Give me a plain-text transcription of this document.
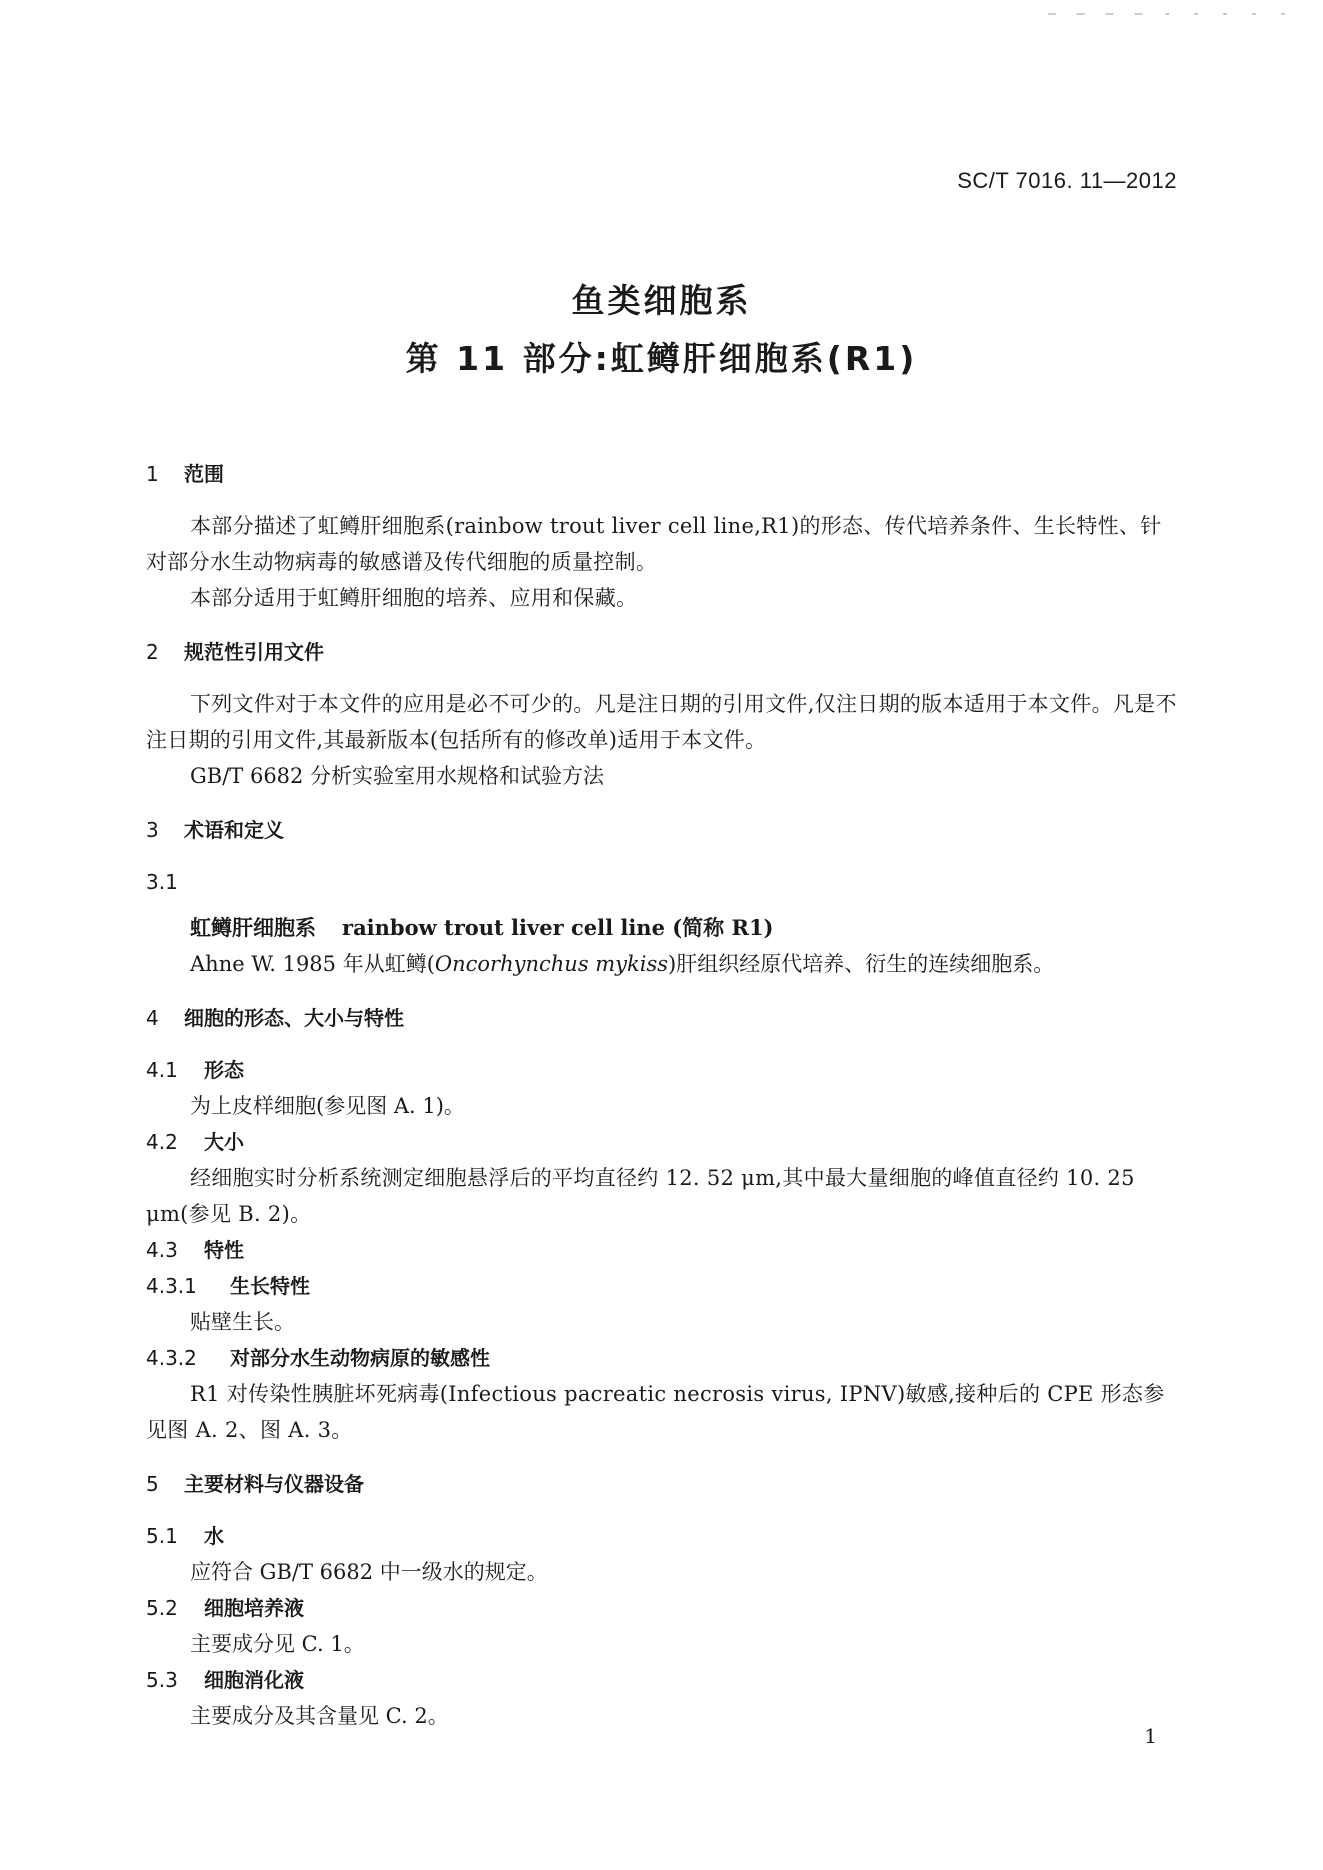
— — — — - - - - -
SC/T 7016. 11—2012
鱼类细胞系
第 11 部分:虹鳟肝细胞系(R1)
1 范围

本部分描述了虹鳟肝细胞系(rainbow trout liver cell line,R1)的形态、传代培养条件、生长特性、针对部分水生动物病毒的敏感谱及传代细胞的质量控制。

本部分适用于虹鳟肝细胞的培养、应用和保藏。

2 规范性引用文件

下列文件对于本文件的应用是必不可少的。凡是注日期的引用文件,仅注日期的版本适用于本文件。凡是不注日期的引用文件,其最新版本(包括所有的修改单)适用于本文件。

GB/T 6682 分析实验室用水规格和试验方法

3 术语和定义
3.1

虹鳟肝细胞系 rainbow trout liver cell line (简称 R1)

Ahne W. 1985 年从虹鳟(Oncorhynchus mykiss)肝组织经原代培养、衍生的连续细胞系。

4 细胞的形态、大小与特性
4.1 形态

为上皮样细胞(参见图 A. 1)。

4.2 大小

经细胞实时分析系统测定细胞悬浮后的平均直径约 12. 52 μm,其中最大量细胞的峰值直径约 10. 25 μm(参见 B. 2)。

4.3 特性
4.3.1 生长特性

贴壁生长。

4.3.2 对部分水生动物病原的敏感性

R1 对传染性胰脏坏死病毒(Infectious pacreatic necrosis virus, IPNV)敏感,接种后的 CPE 形态参见图 A. 2、图 A. 3。

5 主要材料与仪器设备
5.1 水

应符合 GB/T 6682 中一级水的规定。

5.2 细胞培养液

主要成分见 C. 1。

5.3 细胞消化液

主要成分及其含量见 C. 2。

1
